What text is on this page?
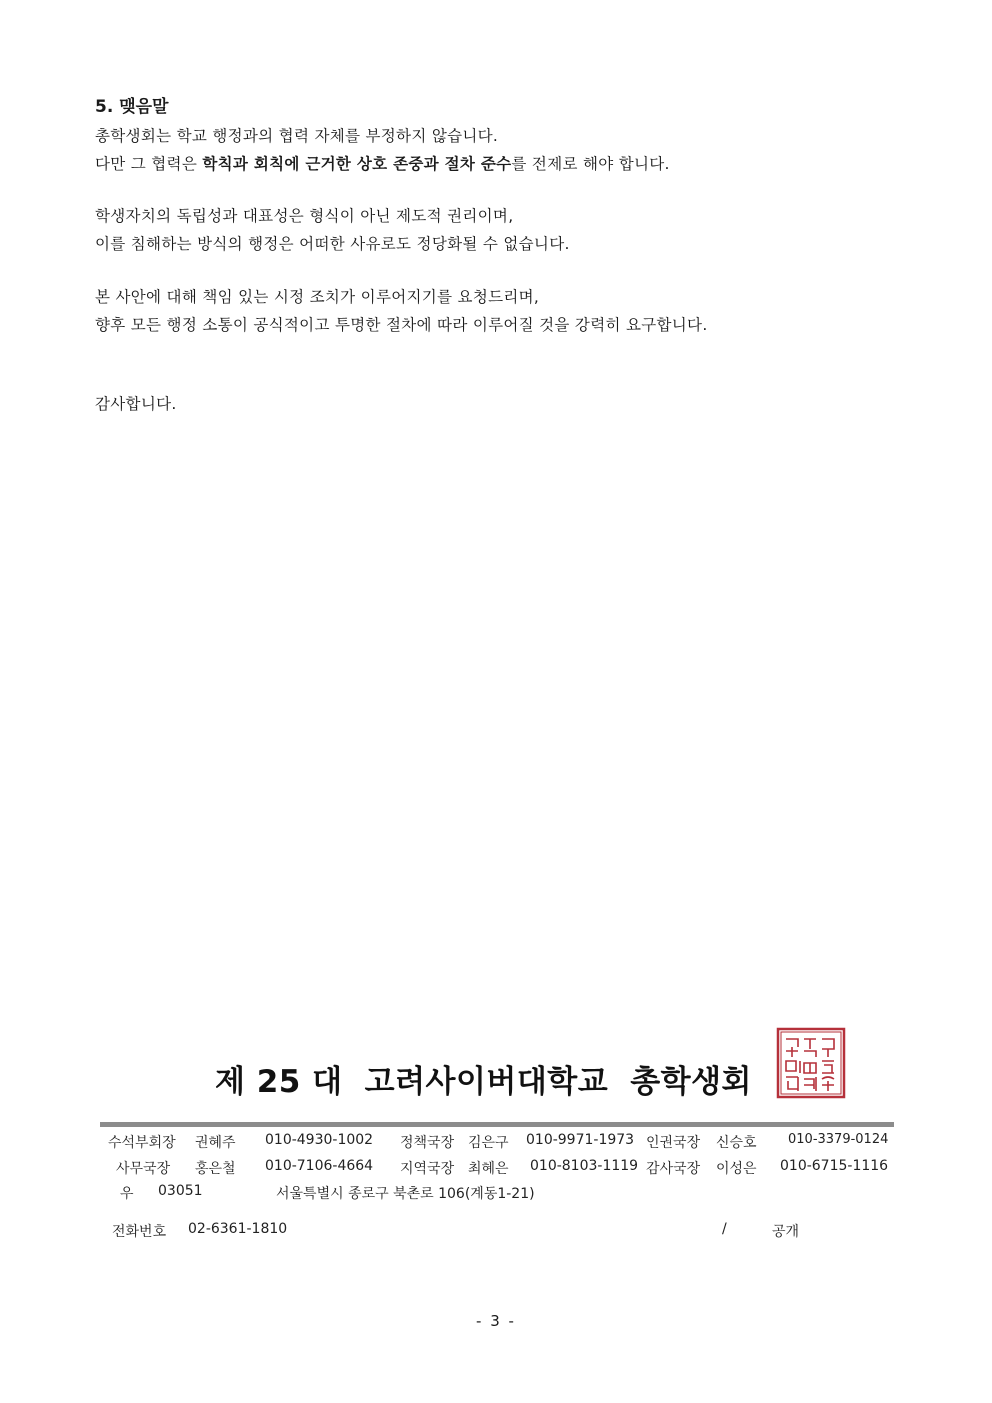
5. 맺음말
총학생회는 학교 행정과의 협력 자체를 부정하지 않습니다.
다만 그 협력은 학칙과 회칙에 근거한 상호 존중과 절차 준수를 전제로 해야 합니다.
학생자치의 독립성과 대표성은 형식이 아닌 제도적 권리이며,
이를 침해하는 방식의 행정은 어떠한 사유로도 정당화될 수 없습니다.
본 사안에 대해 책임 있는 시정 조치가 이루어지기를 요청드리며,
향후 모든 행정 소통이 공식적이고 투명한 절차에 따라 이루어질 것을 강력히 요구합니다.
감사합니다.
제 25 대 고려사이버대학교 총학생회
수석부회장 권혜주 010-4930-1002 정책국장 김은구 010-9971-1973 인권국장 신승호 010-3379-0124
사무국장 홍은철 010-7106-4664 지역국장 최혜은 010-8103-1119 감사국장 이성은 010-6715-1116
우 03051	서울특별시 종로구 북촌로 106(계동1-21)
전화번호 02-6361-1810	/	공개
- 3 -
